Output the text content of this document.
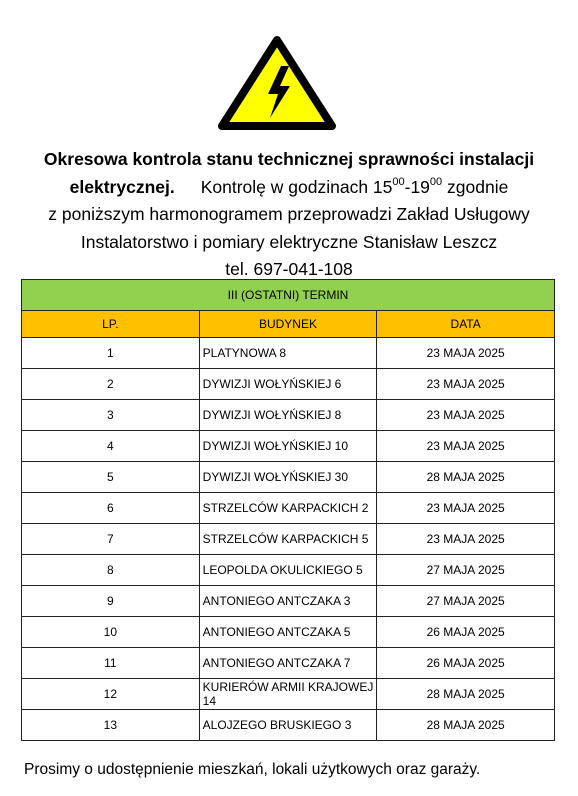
Okresowa kontrola stanu technicznej sprawności instalacji
elektrycznej. Kontrolę w godzinach $15^{00}-19^{00}$ zgodnie
z poniższym harmonogramem przeprowadzi Zakład Usługowy
Instalatorstwo i pomiary elektryczne Stanisław Leszcz
tel. 697-041-108
III (OSTATNI) TERMIN		
LP.	BUDYNEK	DATA
1	PLATYNOWA 8	23 MAJA 2025
2	DYWIZJI WOŁYŃSKIEJ 6	23 MAJA 2025
3	DYWIZJI WOŁYŃSKIEJ 8	23 MAJA 2025
4	DYWIZJI WOŁYŃSKIEJ 10	23 MAJA 2025
5	DYWIZJI WOŁYŃSKIEJ 30	28 MAJA 2025
6	STRZELCÓW KARPACKICH 2	23 MAJA 2025
7	STRZELCÓW KARPACKICH 5	23 MAJA 2025
8	LEOPOLDA OKULICKIEGO 5	27 MAJA 2025
9	ANTONIEGO ANTCZAKA 3	27 MAJA 2025
10	ANTONIEGO ANTCZAKA 5	26 MAJA 2025
11	ANTONIEGO ANTCZAKA 7	26 MAJA 2025
12	KURIERÓW ARMII KRAJOWEJ 14	28 MAJA 2025
13	ALOJZEGO BRUSKIEGO 3	28 MAJA 2025
Prosimy o udostępnienie mieszkań, lokali użytkowych oraz garaży.
